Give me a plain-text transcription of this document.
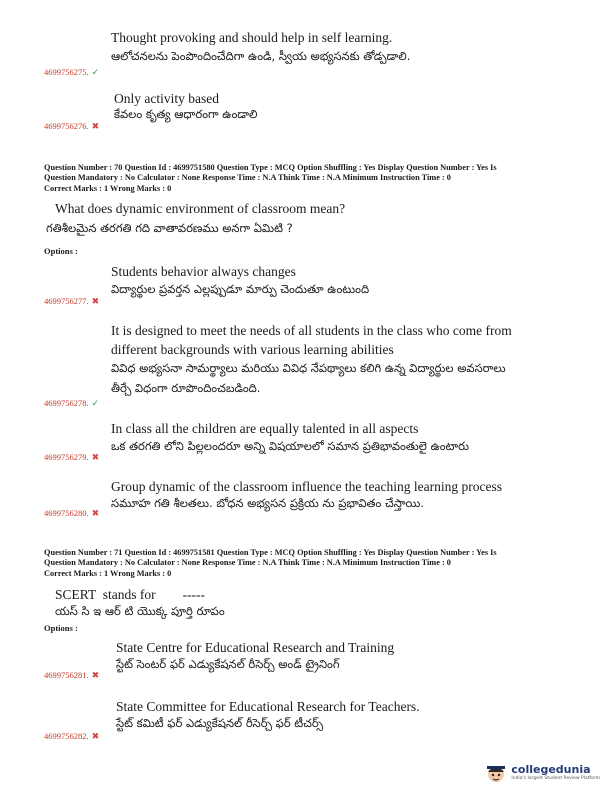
Thought provoking and should help in self learning.
ఆలోచనలను పెంపొందించేదిగా ఉండి, స్వీయ అభ్యసనకు తోడ్పడాలి.
4699756275. ✓
Only activity based
కేవలం కృత్య ఆధారంగా ఉండాలి
4699756276. ✖
Question Number : 70 Question Id : 4699751580 Question Type : MCQ Option Shuffling : Yes Display Question Number : Yes Is
Question Mandatory : No Calculator : None Response Time : N.A Think Time : N.A Minimum Instruction Time : 0
Correct Marks : 1 Wrong Marks : 0
What does dynamic environment of classroom mean?
గతిశీలమైన తరగతి గది వాతావరణము అనగా ఏమిటి ?
Options :
Students behavior always changes
విద్యార్థుల ప్రవర్తన ఎల్లప్పుడూ మార్పు చెందుతూ ఉంటుంది
4699756277. ✖
It is designed to meet the needs of all students in the class who come from
different backgrounds with various learning abilities
వివిధ అభ్యసనా సామర్థ్యాలు మరియు వివిధ నేపథ్యాలు కలిగి ఉన్న విద్యార్థుల అవసరాలు
తీర్చే విధంగా రూపొందించబడింది.
4699756278. ✓
In class all the children are equally talented in all aspects
ఒక తరగతి లోని పిల్లలందరూ అన్ని విషయాలలో సమాన ప్రతిభావంతులై ఉంటారు
4699756279. ✖
Group dynamic of the classroom influence the teaching learning process
సమూహ గతి శీలతలు. బోధన అభ్యసన ప్రక్రియ ను ప్రభావితం చేస్తాయి.
4699756280. ✖
Question Number : 71 Question Id : 4699751581 Question Type : MCQ Option Shuffling : Yes Display Question Number : Yes Is
Question Mandatory : No Calculator : None Response Time : N.A Think Time : N.A Minimum Instruction Time : 0
Correct Marks : 1 Wrong Marks : 0
SCERT  stands for        -----
యస్ సి ఇ ఆర్ టి యొక్క పూర్తి రూపం
Options :
State Centre for Educational Research and Training
స్టేట్ సెంటర్ ఫర్ ఎడ్యుకేషనల్ రీసెర్చ్ అండ్ ట్రైనింగ్
4699756281. ✖
State Committee for Educational Research for Teachers.
స్టేట్ కమిటీ ఫర్ ఎడ్యుకేషనల్ రీసెర్చ్ ఫర్ టీచర్స్
4699756282. ✖
collegedunia
India's largest Student Review Platform
